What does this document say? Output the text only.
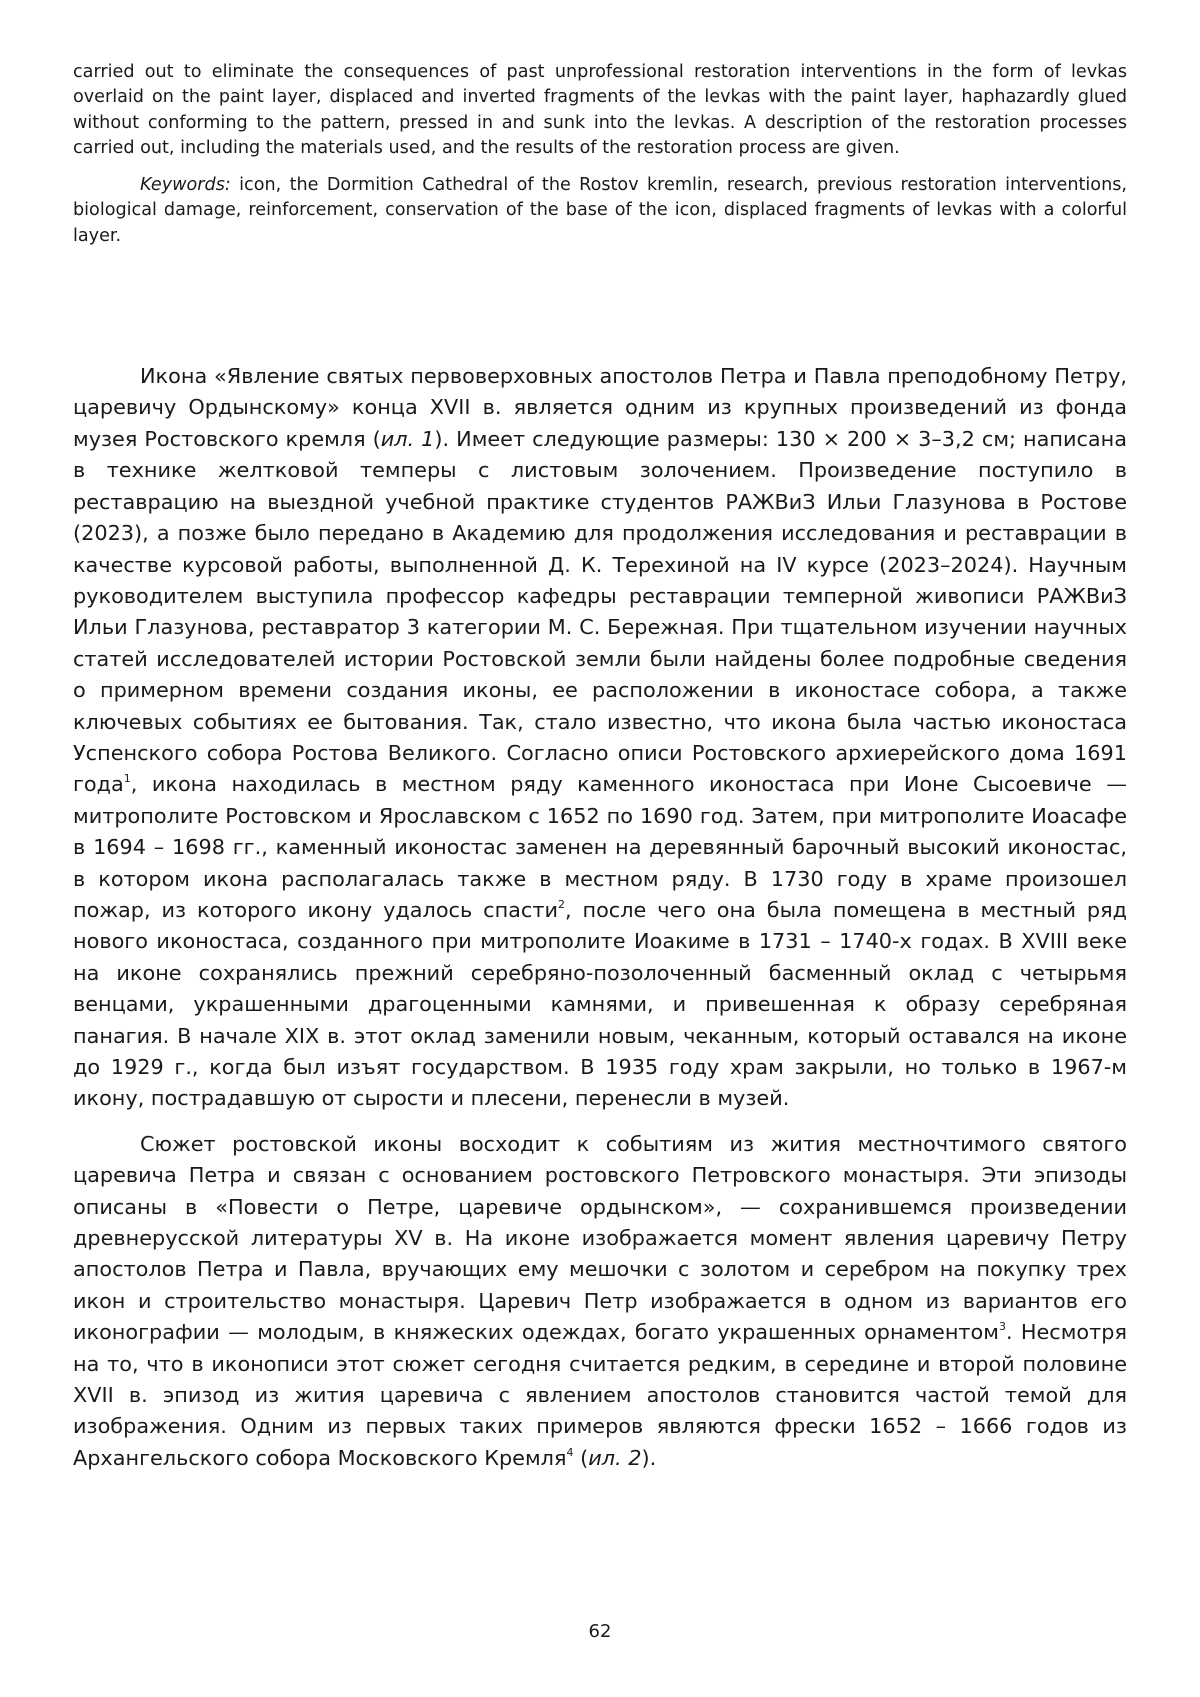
carried out to eliminate the consequences of past unprofessional restoration interventions in the form of levkas overlaid on the paint layer, displaced and inverted fragments of the levkas with the paint layer, haphazardly glued without conforming to the pattern, pressed in and sunk into the levkas. A description of the restoration processes carried out, including the materials used, and the results of the restoration process are given.

Keywords: icon, the Dormition Cathedral of the Rostov kremlin, research, previous restoration interventions, biological damage, reinforcement, conservation of the base of the icon, displaced fragments of levkas with a colorful layer.

Икона «Явление святых первоверховных апостолов Петра и Павла преподобному Петру, царевичу Ордынскому» конца XVII в. является одним из крупных произведений из фонда музея Ростовского кремля (ил. 1). Имеет следующие размеры: 130 × 200 × 3–3,2 см; написана в технике желтковой темперы с листовым золочением. Произведение поступило в реставрацию на выездной учебной практике студентов РАЖВиЗ Ильи Глазунова в Ростове (2023), а позже было передано в Академию для продолжения исследования и реставрации в качестве курсовой работы, выполненной Д. К. Терехиной на IV курсе (2023–2024). Научным руководителем выступила профессор кафедры реставрации темперной живописи РАЖВиЗ Ильи Глазунова, реставратор 3 категории М. С. Бережная. При тщательном изучении научных статей исследователей истории Ростовской земли были найдены более подробные сведения о примерном времени создания иконы, ее расположении в иконостасе собора, а также ключевых событиях ее бытования. Так, стало известно, что икона была частью иконостаса Успенского собора Ростова Великого. Согласно описи Ростовского архиерейского дома 1691 года$^1$, икона находилась в местном ряду каменного иконостаса при Ионе Сысоевиче — митрополите Ростовском и Ярославском с 1652 по 1690 год. Затем, при митрополите Иоасафе в 1694 – 1698 гг., каменный иконостас заменен на деревянный барочный высокий иконостас, в котором икона располагалась также в местном ряду. В 1730 году в храме произошел пожар, из которого икону удалось спасти$^2$, после чего она была помещена в местный ряд нового иконостаса, созданного при митрополите Иоакиме в 1731 – 1740-х годах. В XVIII веке на иконе сохранялись прежний серебряно-позолоченный басменный оклад с четырьмя венцами, украшенными драгоценными камнями, и привешенная к образу серебряная панагия. В начале XIX в. этот оклад заменили новым, чеканным, который оставался на иконе до 1929 г., когда был изъят государством. В 1935 году храм закрыли, но только в 1967-м икону, пострадавшую от сырости и плесени, перенесли в музей.

Сюжет ростовской иконы восходит к событиям из жития местночтимого святого царевича Петра и связан с основанием ростовского Петровского монастыря. Эти эпизоды описаны в «Повести о Петре, царевиче ордынском», — сохранившемся произведении древнерусской литературы XV в. На иконе изображается момент явления царевичу Петру апостолов Петра и Павла, вручающих ему мешочки с золотом и серебром на покупку трех икон и строительство монастыря. Царевич Петр изображается в одном из вариантов его иконографии — молодым, в княжеских одеждах, богато украшенных орнаментом$^3$. Несмотря на то, что в иконописи этот сюжет сегодня считается редким, в середине и второй половине XVII в. эпизод из жития царевича с явлением апостолов становится частой темой для изображения. Одним из первых таких примеров являются фрески 1652 – 1666 годов из Архангельского собора Московского Кремля$^4$ (ил. 2).

62
